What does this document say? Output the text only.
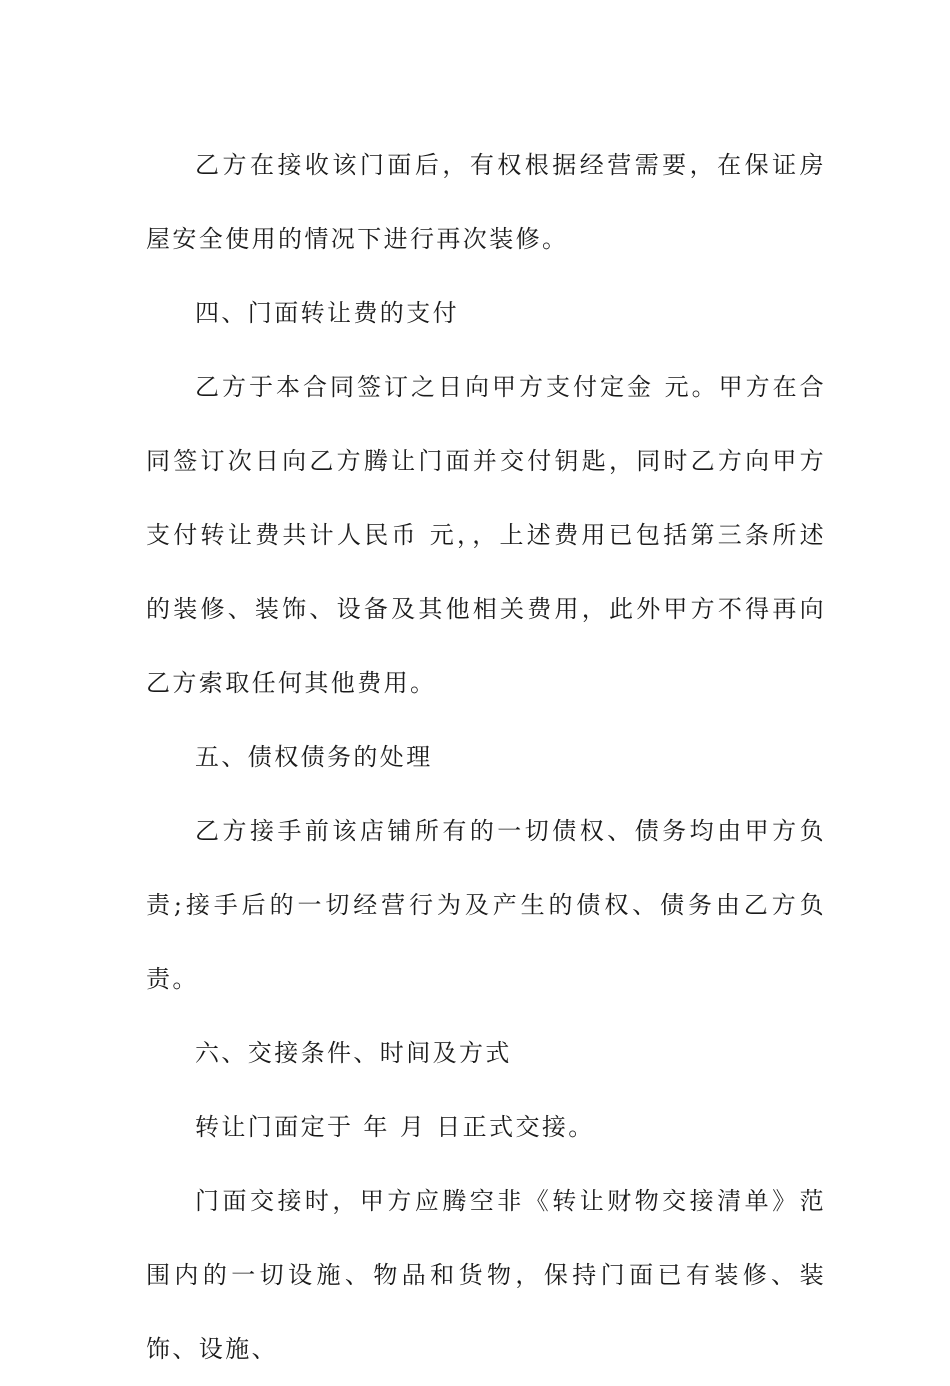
乙方在接收该门面后，有权根据经营需要，在保证房屋安全使用的情况下进行再次装修。

四、门面转让费的支付

乙方于本合同签订之日向甲方支付定金 元。甲方在合同签订次日向乙方腾让门面并交付钥匙，同时乙方向甲方支付转让费共计人民币 元，，上述费用已包括第三条所述的装修、装饰、设备及其他相关费用，此外甲方不得再向乙方索取任何其他费用。

五、债权债务的处理

乙方接手前该店铺所有的一切债权、债务均由甲方负责;接手后的一切经营行为及产生的债权、债务由乙方负责。

六、交接条件、时间及方式

转让门面定于 年 月 日正式交接。

门面交接时，甲方应腾空非《转让财物交接清单》范围内的一切设施、物品和货物，保持门面已有装修、装饰、设施、
